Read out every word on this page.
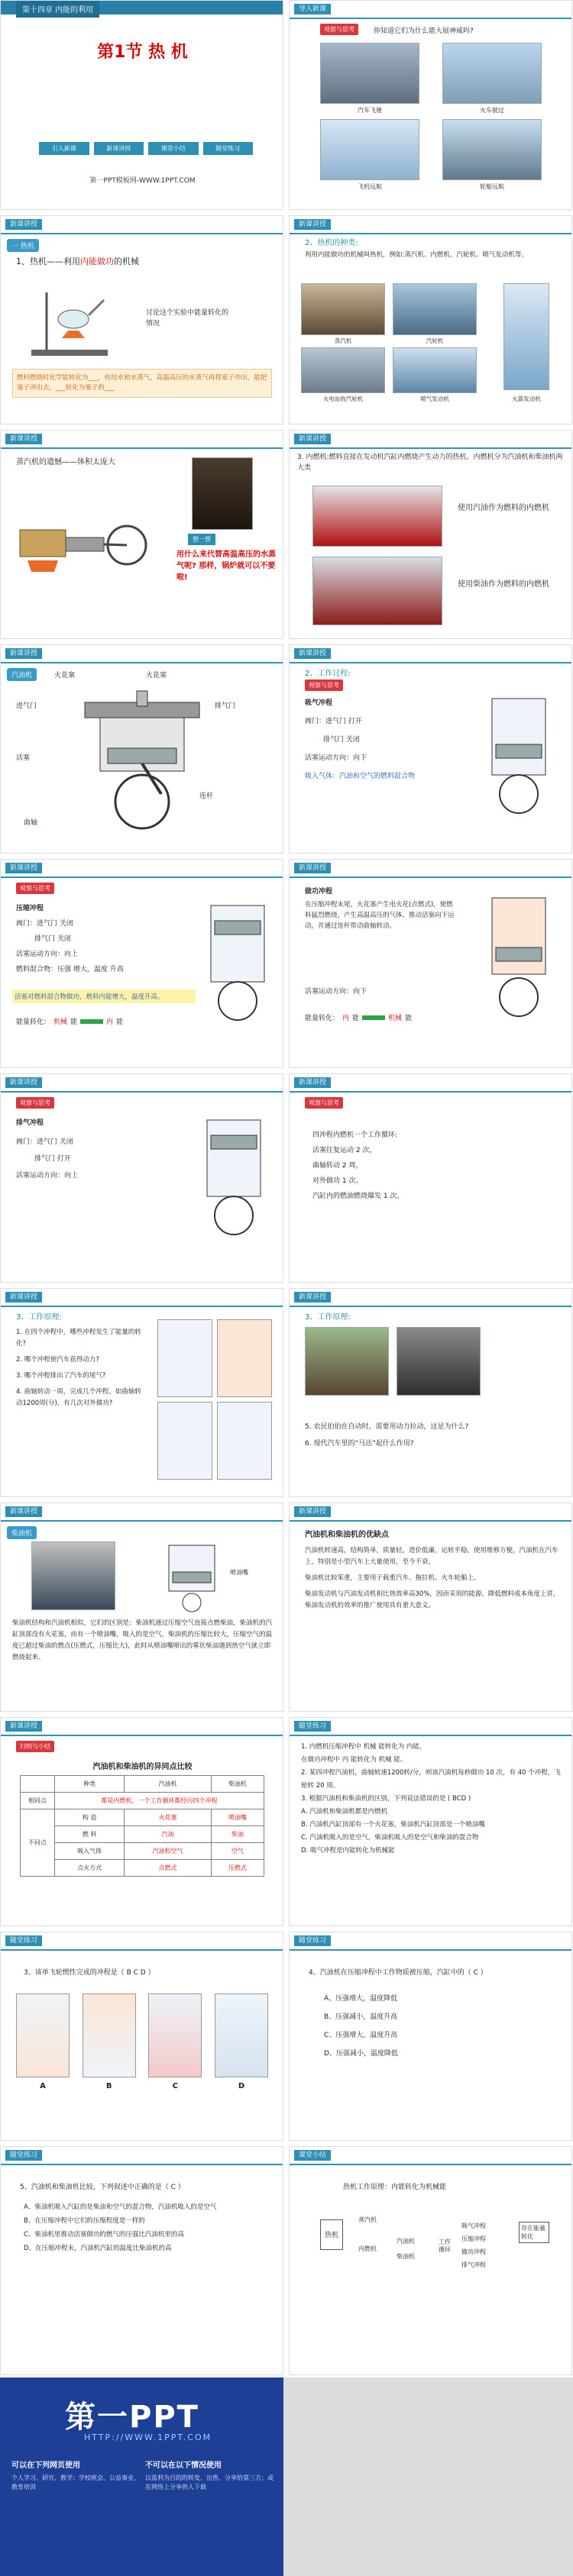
第十四章 内能的利用
第1节 热 机
引入新课	新课讲授	课堂小结	随堂练习
第一PPT模板网-WWW.1PPT.COM
导入新课
观察与思考	你知道它们为什么能大展神威吗?
汽车飞驰	火车驶过
飞机远航	轮船远航
新课讲授
一 热机
1、热机——利用内能做功的机械
讨论这个实验中能量转化的情况
燃料燃烧时化学能转化为___，传给水和水蒸气，高温高压的水蒸气再将塞子冲出，能把塞子冲出去，___转化为塞子的___
新课讲授
2、热机的种类:
利用内能做功的机械叫热机，例如:蒸汽机、内燃机、汽轮机、喷气发动机等。
蒸汽机	汽轮机
火电站的汽轮机	喷气发动机	火箭发动机
新课讲授
蒸汽机的遗憾——体积太庞大
想一想
用什么来代替高温高压的水蒸气呢? 那样，锅炉就可以不要啦!
新课讲授
3. 内燃机:燃料直接在发动机汽缸内燃烧产生动力的热机。内燃机分为汽油机和柴油机两大类
使用汽油作为燃料的内燃机
使用柴油作为燃料的内燃机
新课讲授
汽油机	火花塞	火花塞
进气门	排气门
活塞
连杆
曲轴
新课讲授
2、工作过程:
观察与思考
吸气冲程
阀门：进气门 打开
排气门 关闭
活塞运动方向：向下
吸入气体：汽油和空气的燃料混合物
新课讲授
观察与思考
压缩冲程
阀门：进气门 关闭
排气门 关闭
活塞运动方向：向上
燃料混合物：压强 增大，温度 升高
活塞对燃料混合物做功，燃料内能增大，温度升高。
能量转化： 机械 能	内 能
新课讲授
做功冲程
在压缩冲程末尾，火花塞产生电火花(点燃式)，使燃料猛烈燃烧，产生高温高压的气体，推动活塞向下运动，并通过连杆带动曲轴转动。
活塞运动方向：向下
能量转化： 内 能	机械 能
新课讲授
观察与思考
排气冲程
阀门：进气门 关闭
排气门 打开
活塞运动方向：向上
新课讲授
观察与思考
四冲程内燃机一个工作循环:
活塞往复运动 2 次，
曲轴转动 2 周，
对外做功 1 次。
汽缸内的燃油燃烧爆发 1 次。
新课讲授
3、工作原理:
1. 在四个冲程中，哪些冲程发生了能量的转化?
2. 哪个冲程使汽车获得动力?
3. 哪个冲程排出了汽车的尾气?
4. 曲轴转动一周，完成几个冲程。如曲轴转动1200周(分)，有几次对外做功?
新课讲授
3、工作原理:
5. 农民伯伯在自动时，需要用动力拉动，这是为什么?
6. 现代汽车里的“马达”起什么作用?
新课讲授
柴油机
喷油嘴
柴油机结构和汽油机相似，它们的区别是：柴油机通过压缩空气直接点燃柴油，柴油机的汽缸顶部没有火花塞，而有一个喷油嘴，吸入的是空气，柴油机的压缩比较大，压缩空气的温度已超过柴油的燃点(压燃式，压缩比大)，此时从喷油嘴喷出的雾状柴油遇到热空气就立即燃烧起来。
新课讲授
汽油机和柴油机的优缺点
汽油机转速高，结构简单，质量轻，造价低廉，运转平稳，使用维修方便，汽油机在汽车上，特别是小型汽车上大量使用，至今不衰。
柴油机比较笨重，主要用于载重汽车、拖拉机、火车轮船上。
柴油发动机与汽油发动机相比热效率高30%，因而采用的能源、降低燃料成本角度上讲，柴油发动机的效率的推广使用具有重大意义。
新课讲授
归纳与小结
汽油机和柴油机的异同点比较
	种类	汽油机	柴油机
相同点	都是内燃机，一个工作循环都经历四个冲程		
不同点	构 造	火花塞	喷油嘴
	燃 料	汽油	柴油
	吸入气体	汽油和空气	空气
	点火方式	点燃式	压燃式
随堂练习
1. 内燃机压缩冲程中 机械 能转化为 内能，
在做功冲程中 内 能转化为 机械 能。
2. 某四冲程汽油机，曲轴转速1200转/分，则该汽油机每秒做功 10 次，有 40 个冲程，飞轮转 20 周。
3. 根据汽油机和柴油机的区别，下列说法错误的是 ( BCD )
A. 汽油机和柴油机都是内燃机
B. 汽油机汽缸顶部有一个火花塞，柴油机汽缸顶部是一个喷油嘴
C. 汽油机吸入的是空气，柴油机吸入的是空气和柴油的混合物
D. 吸气冲程是内能转化为机械能
随堂练习
3、该单飞轮惯性完成的冲程是（ B C D ）
A	B	C	D
随堂练习
4、汽油机在压缩冲程中工作物质被压缩，汽缸中的（ C ）
A、压强增大，温度降低
B、压强减小，温度升高
C、压强增大，温度升高
D、压强减小，温度降低
随堂练习
5、汽油机和柴油机比较，下列叙述中正确的是（ C ）
A、柴油机吸入汽缸的是柴油和空气的混合物，汽油机吸入的是空气
B、在压缩冲程中它们的压缩程度是一样的
C、柴油机里推动活塞做功的燃气的压强比汽油机里的高
D、在压缩冲程末，汽油机汽缸的温度比柴油机的高
课堂小结
热机工作原理：内能转化为机械能
热机
蒸汽机
内燃机
汽油机
柴油机
工作循环
吸气冲程
压缩冲程
做功冲程
排气冲程
存在能量转化
第一PPT
HTTP://WWW.1PPT.COM
可以在下列网页使用
个人学习、研究、教学；学校班会、公益事业、教育培训
不可以在以下情况使用
以盈利为目的的转发、出售、分享给第三方；或在网络上分享供人下载
